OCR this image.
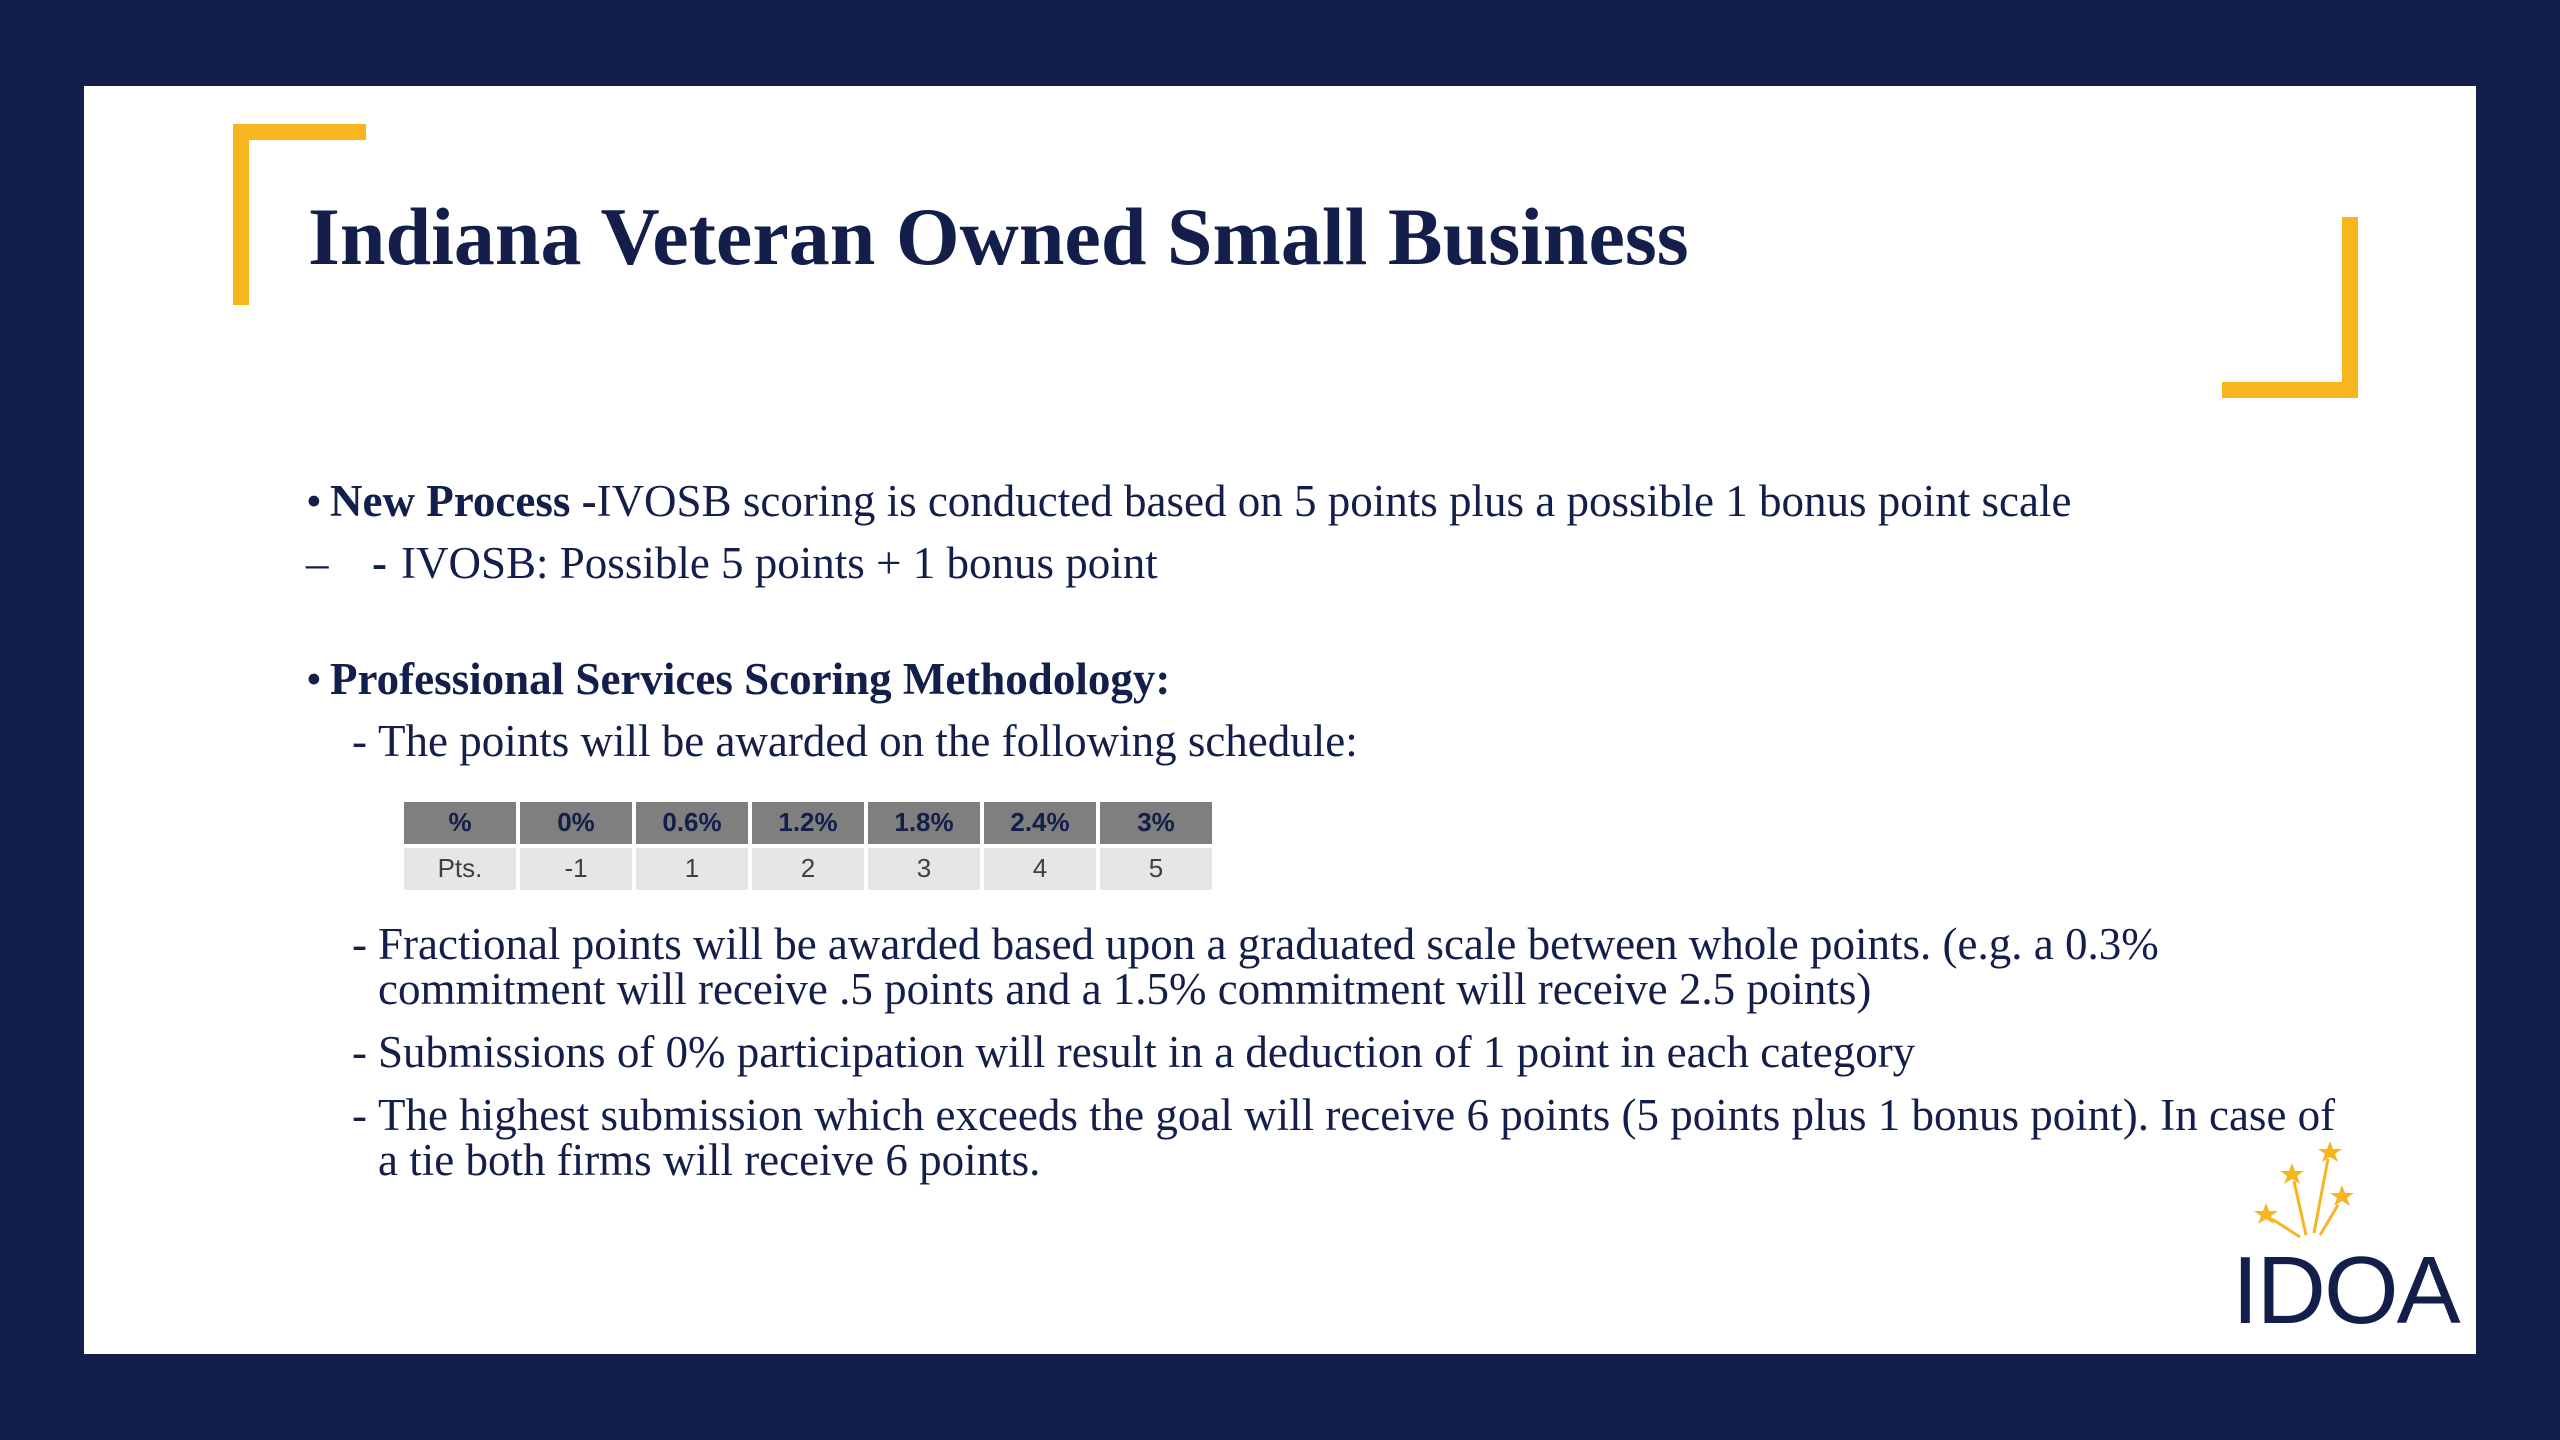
Indiana Veteran Owned Small Business
• New Process - IVOSB scoring is conducted based on 5 points plus a possible 1 bonus point scale
– - IVOSB: Possible 5 points + 1 bonus point
• Professional Services Scoring Methodology:
- The points will be awarded on the following schedule:
%	0%	0.6%	1.2%	1.8%	2.4%	3%
Pts.	-1	1	2	3	4	5
- Fractional points will be awarded based upon a graduated scale between whole points. (e.g. a 0.3% commitment will receive .5 points and a 1.5% commitment will receive 2.5 points)
- Submissions of 0% participation will result in a deduction of 1 point in each category
- The highest submission which exceeds the goal will receive 6 points (5 points plus 1 bonus point). In case of a tie both firms will receive 6 points.
IDOA
